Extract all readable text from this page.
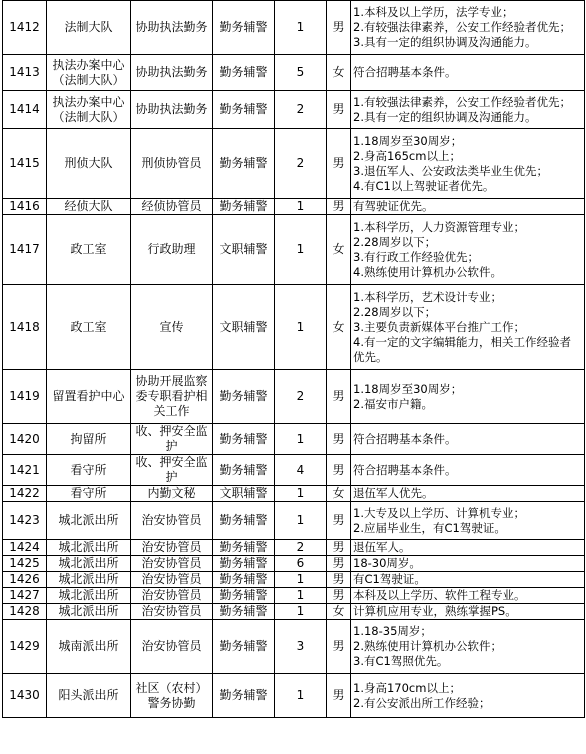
1412	法制大队	协助执法勤务	勤务辅警	1	男	1.本科及以上学历，法学专业；
2.有较强法律素养，公安工作经验者优先；
3.具有一定的组织协调及沟通能力。

1413	执法办案中心（法制大队）	协助执法勤务	勤务辅警	5	女	符合招聘基本条件。

1414	执法办案中心（法制大队）	协助执法勤务	勤务辅警	2	男	1.有较强法律素养，公安工作经验者优先；
2.具有一定的组织协调及沟通能力。

1415	刑侦大队	刑侦协管员	勤务辅警	2	男	1.18周岁至30周岁；
2.身高165cm以上；
3.退伍军人、公安政法类毕业生优先；
4.有C1以上驾驶证者优先。

1416	经侦大队	经侦协管员	勤务辅警	1	男	有驾驶证优先。

1417	政工室	行政助理	文职辅警	1	女	1.本科学历，人力资源管理专业；
2.28周岁以下；
3.有行政工作经验优先；
4.熟练使用计算机办公软件。

1418	政工室	宣传	文职辅警	1	女	1.本科学历，艺术设计专业；
2.28周岁以下；
3.主要负责新媒体平台推广工作；
4.有一定的文字编辑能力，相关工作经验者
优先。

1419	留置看护中心	协助开展监察委专职看护相关工作	勤务辅警	2	男	1.18周岁至30周岁；
2.福安市户籍。

1420	拘留所	收、押安全监护	勤务辅警	1	男	符合招聘基本条件。

1421	看守所	收、押安全监护	勤务辅警	4	男	符合招聘基本条件。

1422	看守所	内勤文秘	文职辅警	1	女	退伍军人优先。

1423	城北派出所	治安协管员	勤务辅警	1	男	1.大专及以上学历、计算机专业；
2.应届毕业生，有C1驾驶证。

1424	城北派出所	治安协管员	勤务辅警	2	男	退伍军人。

1425	城北派出所	治安协管员	勤务辅警	6	男	18-30周岁。

1426	城北派出所	治安协管员	勤务辅警	1	男	有C1驾驶证。

1427	城北派出所	治安协管员	勤务辅警	1	男	本科及以上学历、软件工程专业。

1428	城北派出所	治安协管员	勤务辅警	1	女	计算机应用专业，熟练掌握PS。

1429	城南派出所	治安协管员	勤务辅警	3	男	1.18-35周岁；
2.熟练使用计算机办公软件；
3.有C1驾照优先。

1430	阳头派出所	社区（农村）警务协勤	勤务辅警	1	男	1.身高170cm以上；
2.有公安派出所工作经验；
